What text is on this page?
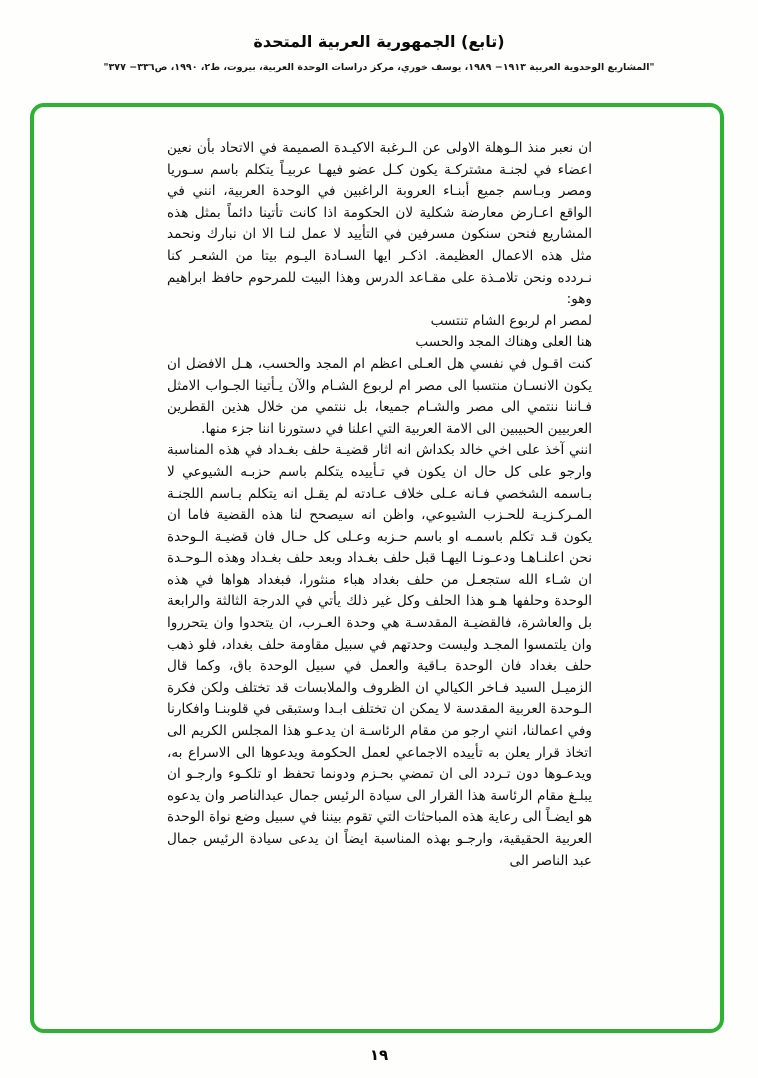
(تابع) الجمهورية العربية المتحدة
"المشاريع الوحدوية العربية ١٩١٣− ١٩٨٩، يوسف خوري، مركز دراسات الوحدة العربية، بيروت، ط٢، ١٩٩٠، ص٣٣٦− ٣٧٧"

ان نعبر منذ الـوهلة الاولى عن الـرغبة الاكيـدة الصميمة في الاتحاد بأن نعين اعضاء في لجنـة مشتركـة يكون كـل عضو فيهـا عربيـاً يتكلم باسم سـوريا ومصر وبـاسم جميع أبنـاء العروبة الراغبين في الوحدة العربية، انني في الواقع اعـارض معارضة شكلية لان الحكومة اذا كانت تأتينا دائماً بمثل هذه المشاريع فنحن سنكون مسرفين في التأييد لا عمل لنـا الا ان نبارك ونحمد مثل هذه الاعمال العظيمة. اذكـر ايها السـادة اليـوم بيتا من الشعـر كنا نـردده ونحن تلامـذة على مقـاعد الدرس وهذا البيت للمرحوم حافظ ابراهيم وهو:

لمصر ام لربوع الشام تنتسب

هنا العلى وهناك المجد والحسب

كنت اقـول في نفسي هل العـلى اعظم ام المجد والحسب، هـل الافضل ان يكون الانسـان منتسبا الى مصر ام لربوع الشـام والآن يـأتينا الجـواب الامثل فـاننا ننتمي الى مصر والشـام جميعا، بل ننتمي من خلال هذين القطرين العربيين الحبيبين الى الامة العربية التي اعلنا في دستورنا اننا جزء منها.

انني آخذ على اخي خالد بكداش انه اثار قضيـة حلف بغـداد في هذه المناسبة وارجو على كل حال ان يكون في تـأييده يتكلم باسم حزبـه الشيوعي لا بـاسمه الشخصي فـانه عـلى خلاف عـادته لم يقـل انه يتكلم بـاسم اللجنـة المـركـزيـة للحـزب الشيوعي، واظن انه سيصحح لنا هذه القضية فاما ان يكون قـد تكلم باسمـه او باسم حـزبه وعـلى كل حـال فان قضيـة الـوحدة نحن اعلنـاهـا ودعـونـا اليهـا قبل حلف بغـداد وبعد حلف بغـداد وهذه الـوحـدة ان شـاء الله ستجعـل من حلف بغداد هباء منثورا، فبغداد هواها في هذه الوحدة وحلفها هـو هذا الحلف وكل غير ذلك يأتي في الدرجة الثالثة والرابعة بل والعاشرة، فالقضيـة المقدسـة هي وحدة العـرب، ان يتحدوا وان يتحرروا وان يلتمسوا المجـد وليست وحدتهم في سبيل مقاومة حلف بغداد، فلو ذهب حلف بغداد فان الوحدة بـاقية والعمل في سبيل الوحدة باق، وكما قال الزميـل السيد فـاخر الكيالي ان الظروف والملابسات قد تختلف ولكن فكرة الـوحدة العربية المقدسة لا يمكن ان تختلف ابـدا وستبقى في قلوبنـا وافكارنا وفي اعمالنا، انني ارجو من مقام الرئاسـة ان يدعـو هذا المجلس الكريم الى اتخاذ قرار يعلن به تأييده الاجماعي لعمل الحكومة ويدعوها الى الاسراع به، ويدعـوها دون تـردد الى ان تمضي بحـزم ودونما تحفظ او تلكـوء وارجـو ان يبلـغ مقام الرئاسة هذا القرار الى سيادة الرئيس جمال عبدالناصر وان يدعوه هو ايضـاً الى رعاية هذه المباحثات التي تقوم بيننا في سبيل وضع نواة الوحدة العربية الحقيقية، وارجـو بهذه المناسبة ايضاً ان يدعى سيادة الرئيس جمال عبد الناصر الى

١٩
